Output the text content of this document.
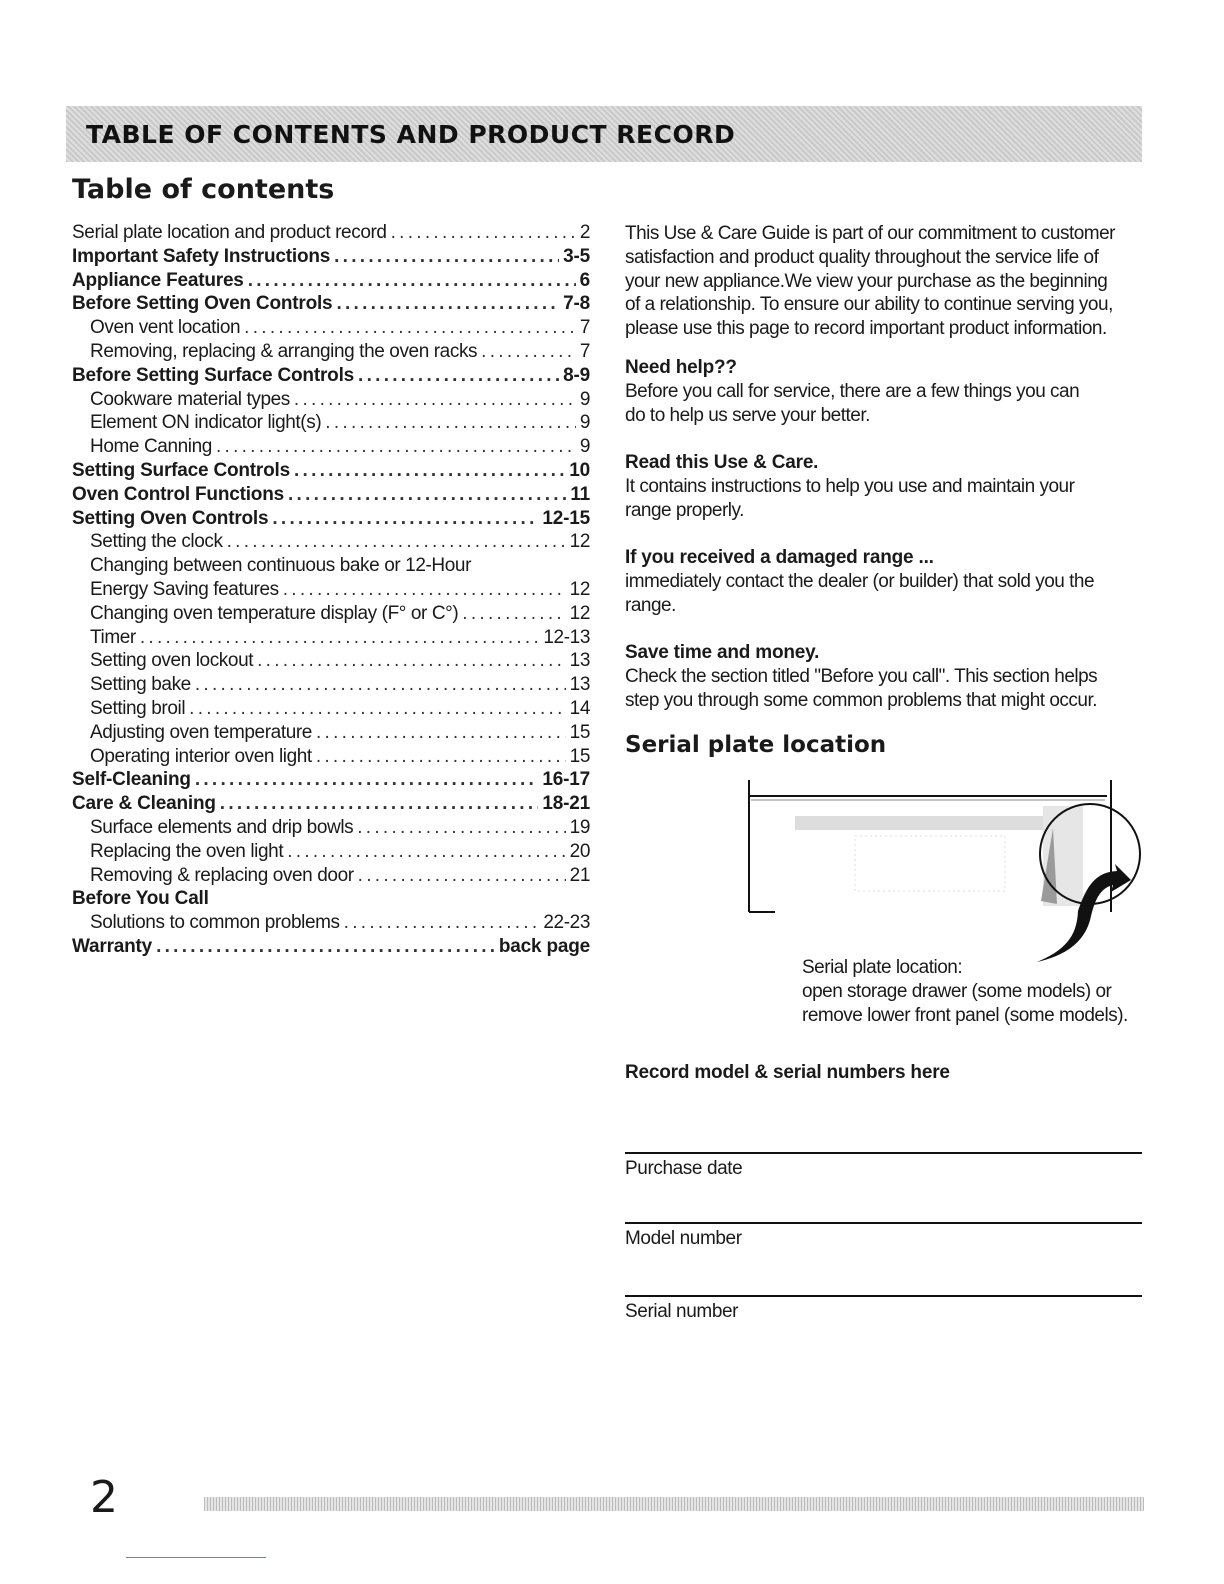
TABLE OF CONTENTS AND PRODUCT RECORD
Table of contents
Serial plate location and product record . . .	2
Important Safety Instructions . . .	3-5
Appliance Features . . .	6
Before Setting Oven Controls . . .	7-8
Oven vent location . . .	7
Removing, replacing & arranging the oven racks . . .	7
Before Setting Surface Controls . . .	8-9
Cookware material types . . .	9
Element ON indicator light(s) . . .	9
Home Canning . . .	9
Setting Surface Controls . . .	10
Oven Control Functions . . .	11
Setting Oven Controls . . .	12-15
Setting the clock . . .	12
Changing between continuous bake or 12-Hour
Energy Saving features . . .	12
Changing oven temperature display (F° or C°) . . .	12
Timer . . .	12-13
Setting oven lockout . . .	13
Setting bake . . .	13
Setting broil . . .	14
Adjusting oven temperature . . .	15
Operating interior oven light . . .	15
Self-Cleaning . . .	16-17
Care & Cleaning . . .	18-21
Surface elements and drip bowls . . .	19
Replacing the oven light . . .	20
Removing & replacing oven door . . .	21
Before You Call
Solutions to common problems . . .	22-23
Warranty . . .	back page

This Use & Care Guide is part of our commitment to customer

satisfaction and product quality throughout the service life of

your new appliance.We view your purchase as the beginning

of a relationship. To ensure our ability to continue serving you,

please use this page to record important product information.

Need help??

Before you call for service, there are a few things you can

do to help us serve your better.

Read this Use & Care.

It contains instructions to help you use and maintain your

range properly.

If you received a damaged range ...

immediately contact the dealer (or builder) that sold you the

range.

Save time and money.

Check the section titled "Before you call". This section helps

step you through some common problems that might occur.

Serial plate location

Serial plate location:

open storage drawer (some models) or

remove lower front panel (some models).

Record model & serial numbers here
Purchase date
Model number
Serial number

2
